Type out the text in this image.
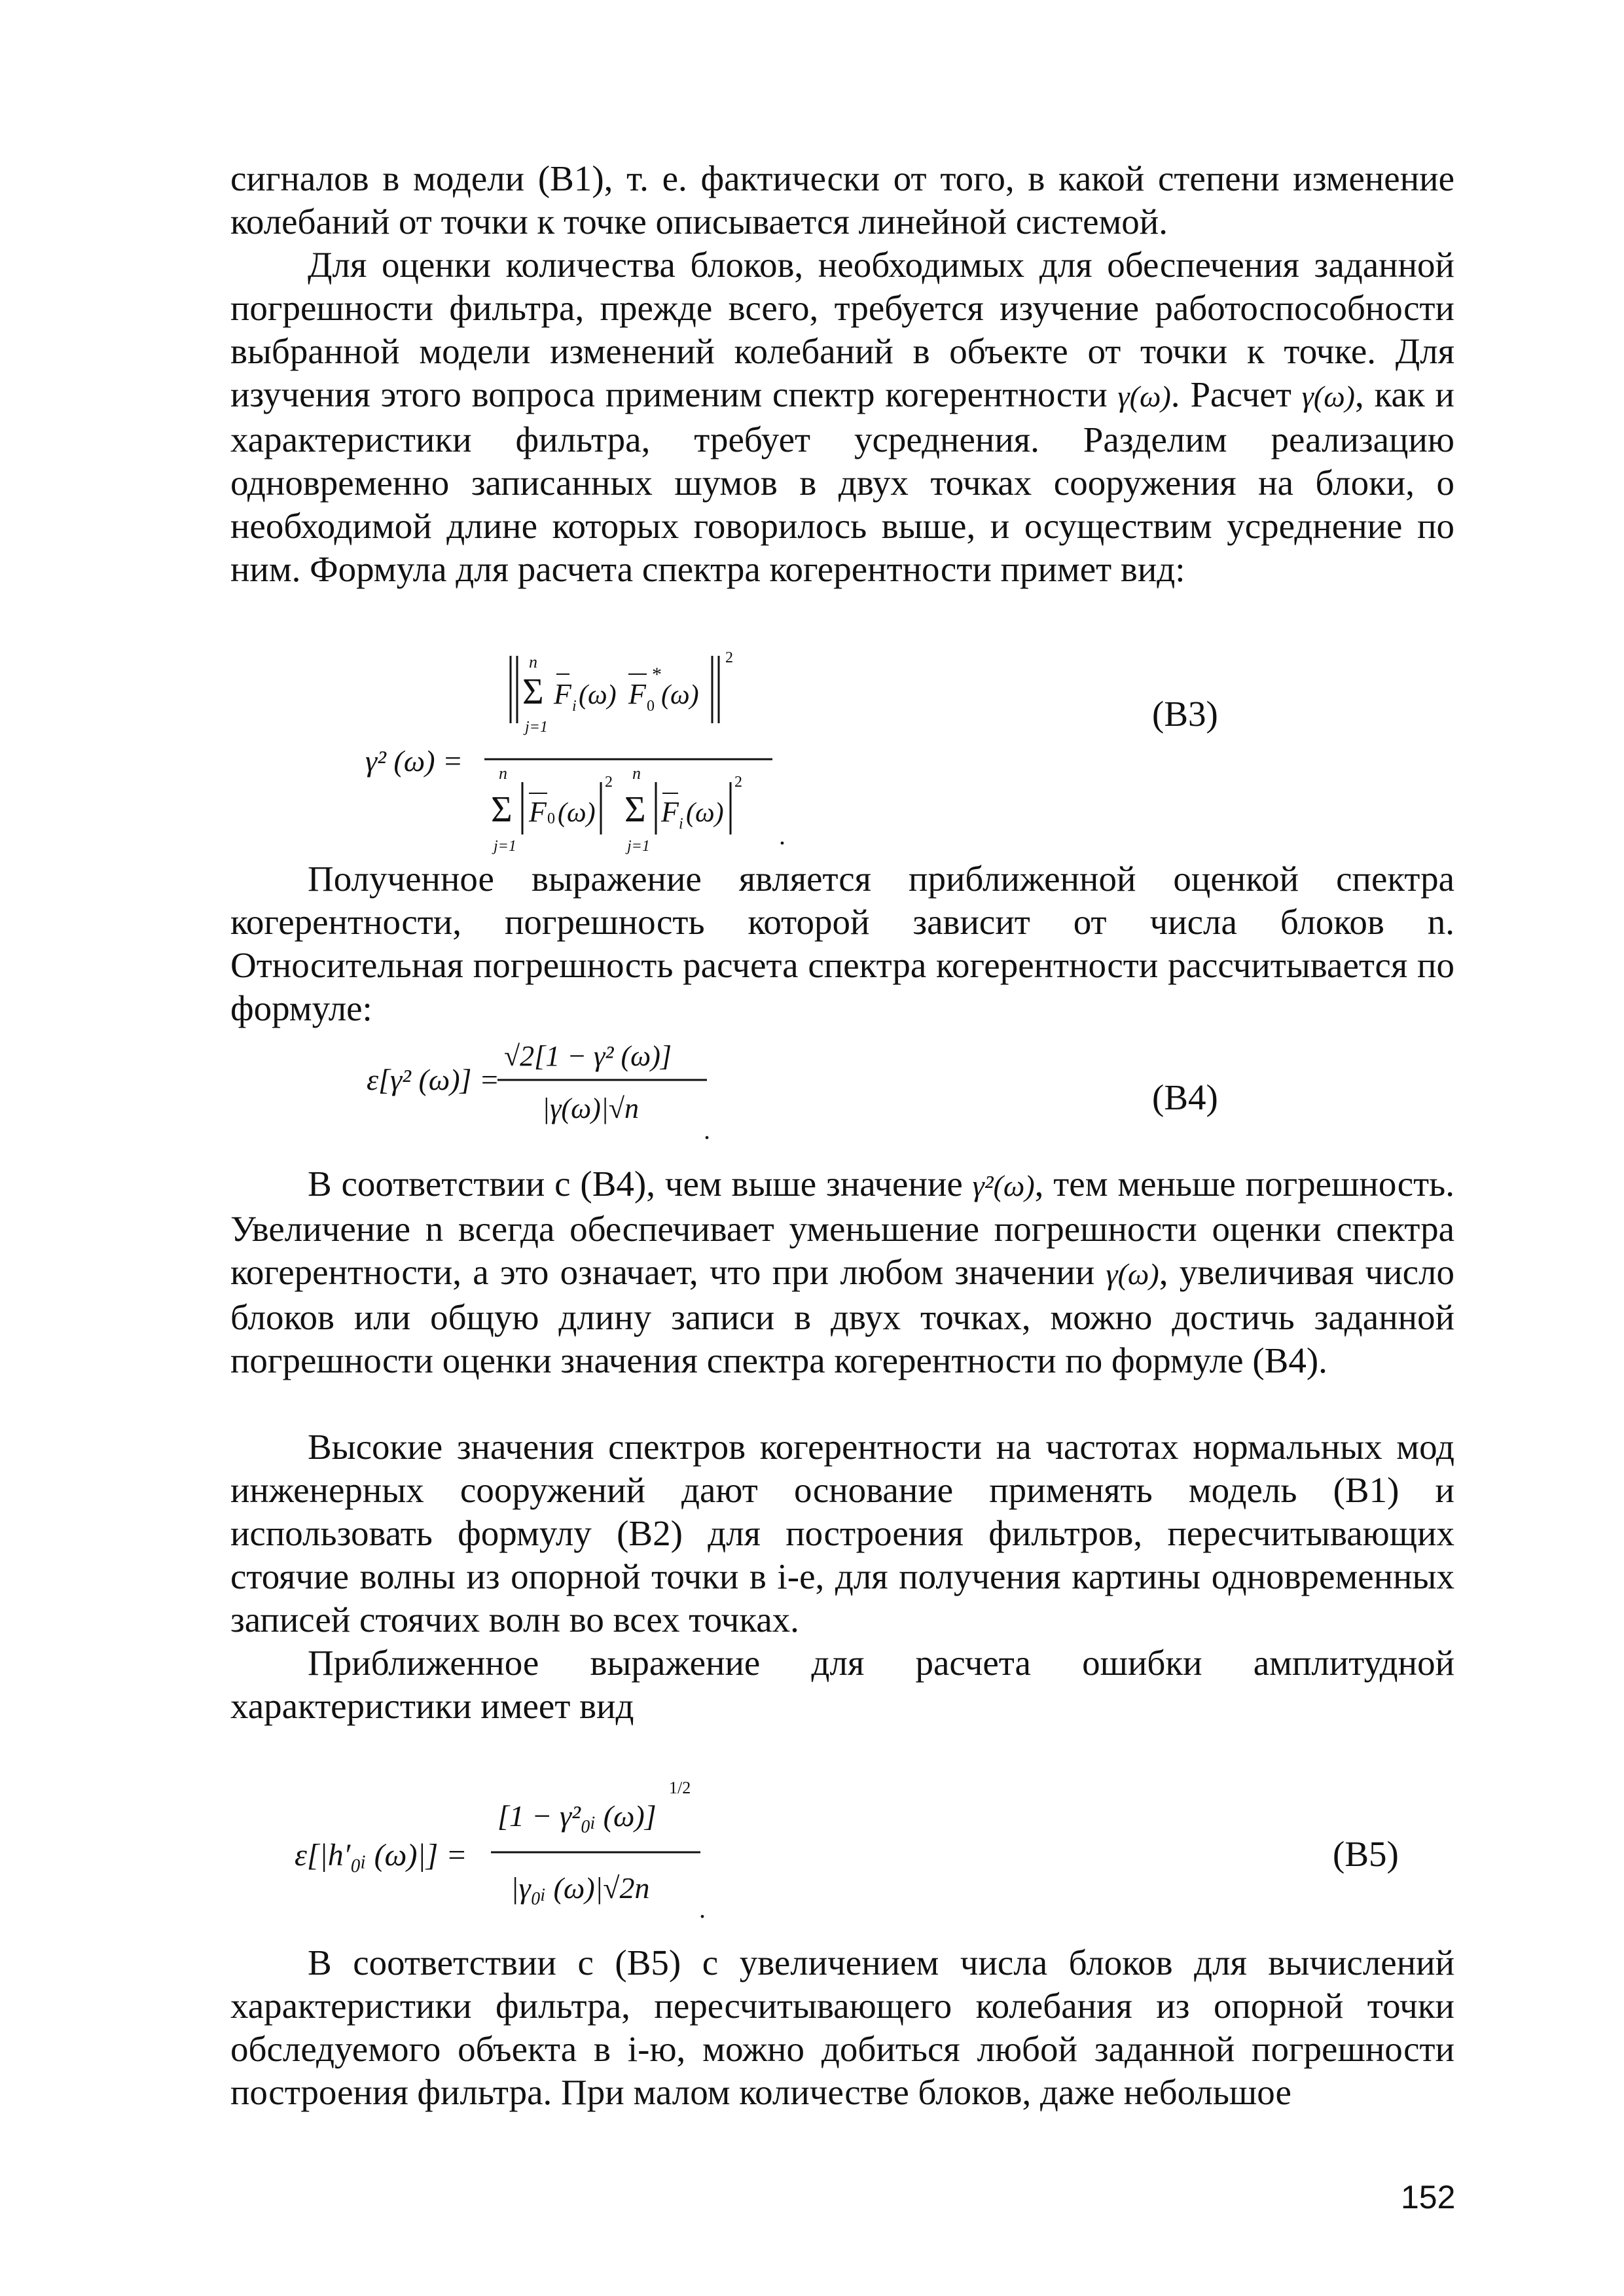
сигналов в модели (В1), т. е. фактически от того, в какой степени изменение колебаний от точки к точке описывается линейной системой.

Для оценки количества блоков, необходимых для обеспечения заданной погрешности фильтра, прежде всего, требуется изучение работоспособности выбранной модели изменений колебаний в объекте от точки к точке. Для изучения этого вопроса применим спектр когерентности γ(ω). Расчет γ(ω), как и характеристики фильтра, требует усреднения. Разделим реализацию одновременно записанных шумов в двух точках сооружения на блоки, о необходимой длине которых говорилось выше, и осуществим усреднение по ним. Формула для расчета спектра когерентности примет вид:

γ² (ω) =
n
Σ
j=1
F i (ω) F 0
*
(ω)
2
n
Σ
j=1
F 0 (ω)
2 n
Σ
j=1
F i (ω)
2
.
(В3)

Полученное выражение является приближенной оценкой спектра когерентности, погрешность которой зависит от числа блоков n. Относительная погрешность расчета спектра когерентности рассчитывается по формуле:

ε[γ² (ω)] =
√2[1 − γ² (ω)]
|γ(ω)|√n
.
(В4)

В соответствии с (В4), чем выше значение γ²(ω), тем меньше погрешность. Увеличение n всегда обеспечивает уменьшение погрешности оценки спектра когерентности, а это означает, что при любом значении γ(ω), увеличивая число блоков или общую длину записи в двух точках, можно достичь заданной погрешности оценки значения спектра когерентности по формуле (В4).

Высокие значения спектров когерентности на частотах нормальных мод инженерных сооружений дают основание применять модель (В1) и использовать формулу (В2) для построения фильтров, пересчитывающих стоячие волны из опорной точки в i-е, для получения картины одновременных записей стоячих волн во всех точках.

Приближенное выражение для расчета ошибки амплитудной характеристики имеет вид

ε[|h′₀ᵢ (ω)|] =
[1 − γ²₀ᵢ (ω)]
1/2
|γ₀ᵢ (ω)|√2n
.
(В5)

В соответствии с (В5) с увеличением числа блоков для вычислений характеристики фильтра, пересчитывающего колебания из опорной точки обследуемого объекта в i-ю, можно добиться любой заданной погрешности построения фильтра. При малом количестве блоков, даже небольшое

152
